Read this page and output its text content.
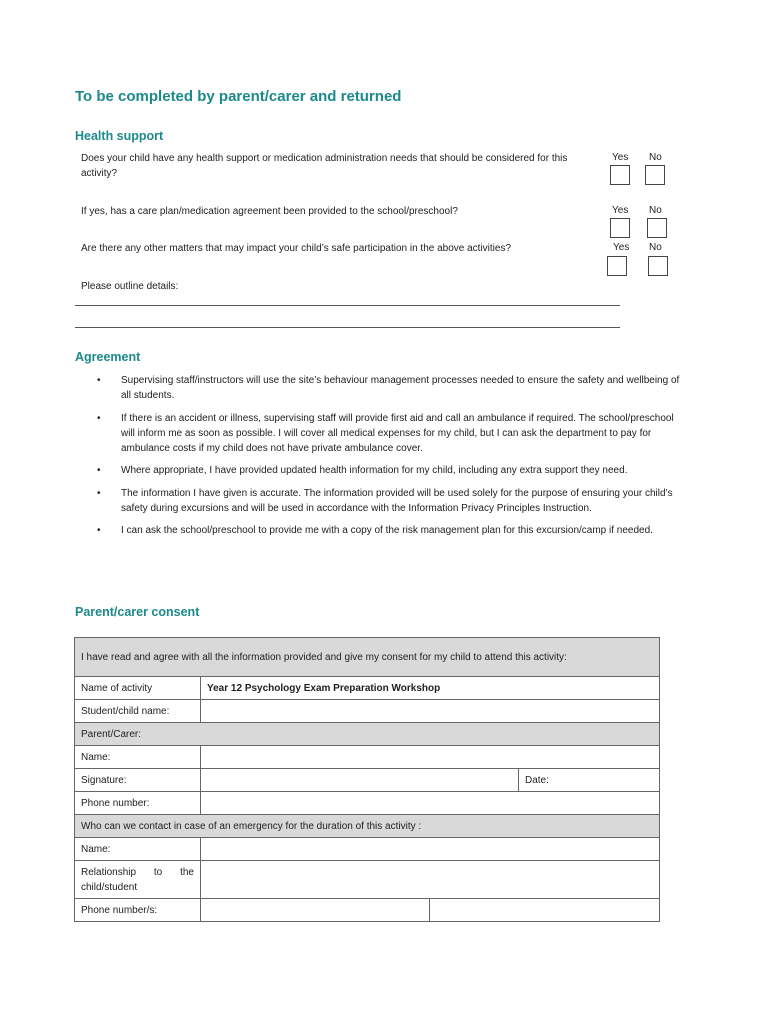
To be completed by parent/carer and returned
Health support
Does your child have any health support or medication administration needs that should be considered for this activity?
Yes No
If yes, has a care plan/medication agreement been provided to the school/preschool?	Yes No
Are there any other matters that may impact your child’s safe participation in the above activities?	Yes No
Please outline details:
Agreement
• Supervising staff/instructors will use the site’s behaviour management processes needed to ensure the safety and wellbeing of all students.
• If there is an accident or illness, supervising staff will provide first aid and call an ambulance if required. The school/preschool will inform me as soon as possible. I will cover all medical expenses for my child, but I can ask the department to pay for ambulance costs if my child does not have private ambulance cover.
• Where appropriate, I have provided updated health information for my child, including any extra support they need.
• The information I have given is accurate. The information provided will be used solely for the purpose of ensuring your child’s safety during excursions and will be used in accordance with the Information Privacy Principles Instruction.
• I can ask the school/preschool to provide me with a copy of the risk management plan for this excursion/camp if needed.
Parent/carer consent
I have read and agree with all the information provided and give my consent for my child to attend this activity:			
Name of activity	Year 12 Psychology Exam Preparation Workshop		
Student/child name:			
Parent/Carer:			
Name:			
Signature:			Date:
Phone number:			
Who can we contact in case of an emergency for the duration of this activity :			
Name:			
Relationship to the child/student			
Phone number/s:			
